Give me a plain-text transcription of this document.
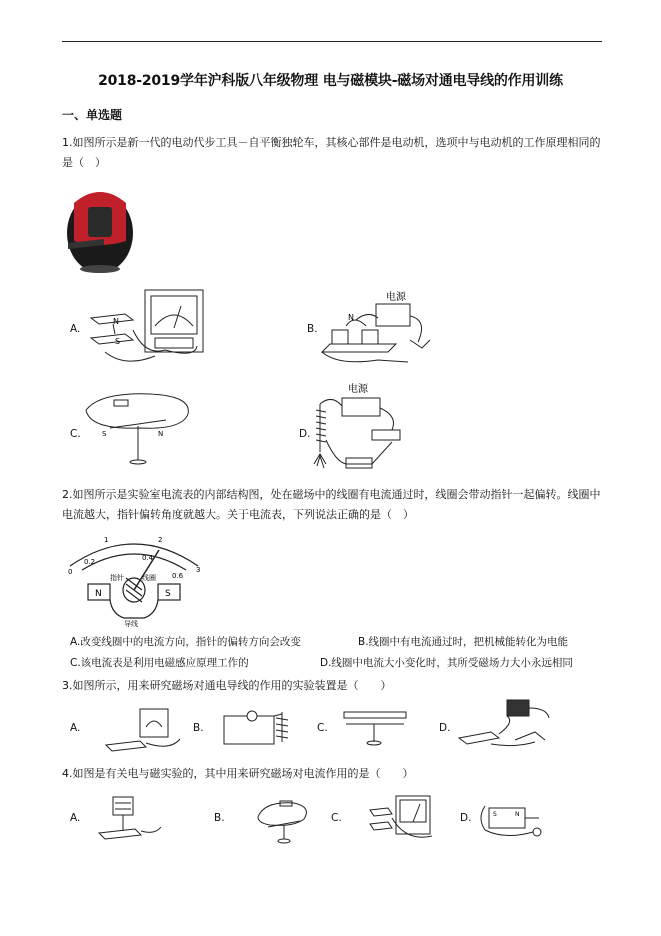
2018-2019学年沪科版八年级物理 电与磁模块-磁场对通电导线的作用训练
一、单选题
1.如图所示是新一代的电动代步工具－自平衡独轮车，其核心部件是电动机，选项中与电动机的工作原理相同的是（　）
A.
N
S
B.
电源
N
C.	S	N	D.
电源
2.如图所示是实验室电流表的内部结构图，处在磁场中的线圈有电流通过时，线圈会带动指针一起偏转。线圈中电流越大，指针偏转角度就越大。关于电流表，下列说法正确的是（　）
0
1	2
3
0.2	0.4
0.6
指针	线圈
导线
N	S
A.改变线圈中的电流方向，指针的偏转方向会改变	B.线圈中有电流通过时，把机械能转化为电能
C.该电流表是利用电磁感应原理工作的	D.线圈中电流大小变化时，其所受磁场力大小永远相同
3.如图所示，用来研究磁场对通电导线的作用的实验装置是（　　）
A.	B.	C.	D.
4.如图是有关电与磁实验的，其中用来研究磁场对电流作用的是（　　）
A.	B.	C.	D.	S	N
